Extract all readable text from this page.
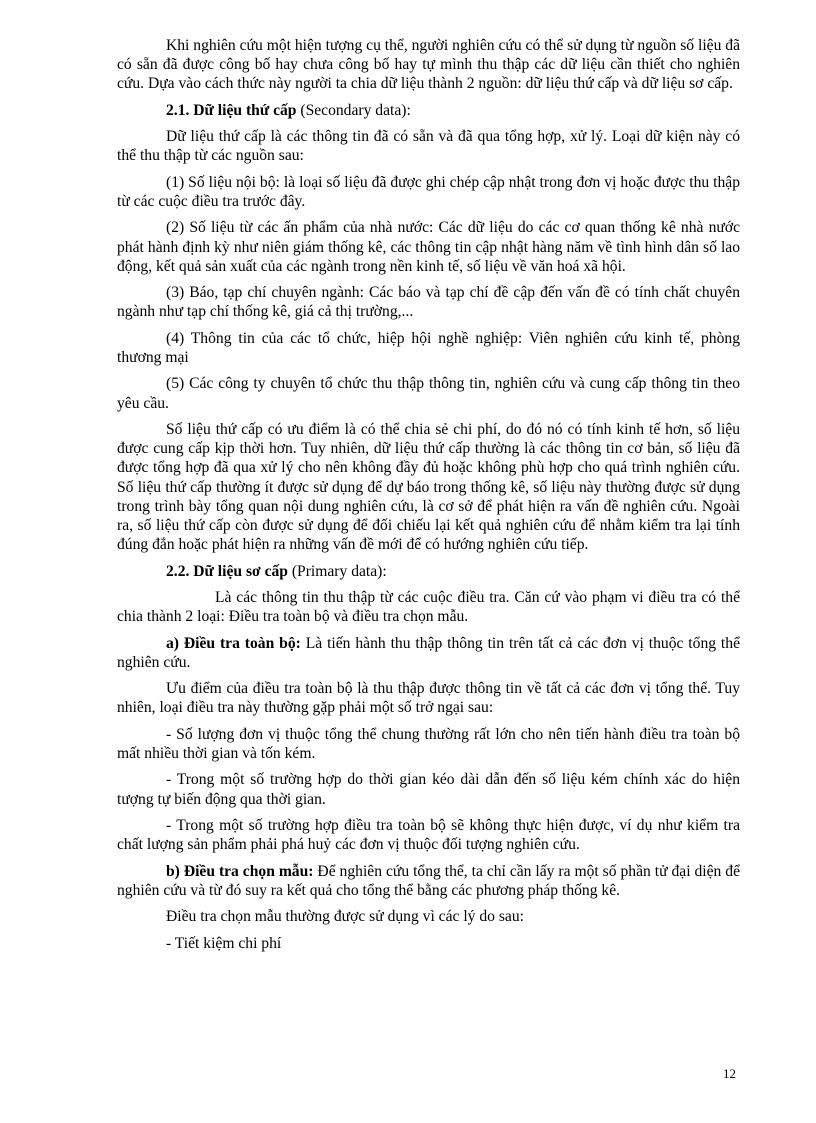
Khi nghiên cứu một hiện tượng cụ thể, người nghiên cứu có thể sử dụng từ nguồn số liệu đã có sẵn đã được công bố hay chưa công bố hay tự mình thu thập các dữ liệu cần thiết cho nghiên cứu. Dựa vào cách thức này người ta chia dữ liệu thành 2 nguồn: dữ liệu thứ cấp và dữ liệu sơ cấp.

2.1. Dữ liệu thứ cấp (Secondary data):

Dữ liệu thứ cấp là các thông tin đã có sẵn và đã qua tổng hợp, xử lý. Loại dữ kiện này có thể thu thập từ các nguồn sau:

(1) Số liệu nội bộ: là loại số liệu đã được ghi chép cập nhật trong đơn vị hoặc được thu thập từ các cuộc điều tra trước đây.

(2) Số liệu từ các ấn phẩm của nhà nước: Các dữ liệu do các cơ quan thống kê nhà nước phát hành định kỳ như niên giám thống kê, các thông tin cập nhật hàng năm về tình hình dân số lao động, kết quả sản xuất của các ngành trong nền kinh tế, số liệu về văn hoá xã hội.

(3) Báo, tạp chí chuyên ngành: Các báo và tạp chí đề cập đến vấn đề có tính chất chuyên ngành như tạp chí thống kê, giá cả thị trường,...

(4) Thông tin của các tổ chức, hiệp hội nghề nghiệp: Viên nghiên cứu kinh tế, phòng thương mại

(5) Các công ty chuyên tổ chức thu thập thông tin, nghiên cứu và cung cấp thông tin theo yêu cầu.

Số liệu thứ cấp có ưu điểm là có thể chia sẻ chi phí, do đó nó có tính kinh tế hơn, số liệu được cung cấp kịp thời hơn. Tuy nhiên, dữ liệu thứ cấp thường là các thông tin cơ bản, số liệu đã được tổng hợp đã qua xử lý cho nên không đầy đủ hoặc không phù hợp cho quá trình nghiên cứu. Số liệu thứ cấp thường ít được sử dụng để dự báo trong thống kê, số liệu này thường được sử dụng trong trình bày tổng quan nội dung nghiên cứu, là cơ sở để phát hiện ra vấn đề nghiên cứu. Ngoài ra, số liệu thứ cấp còn được sử dụng để đối chiếu lại kết quả nghiên cứu để nhằm kiểm tra lại tính đúng đắn hoặc phát hiện ra những vấn đề mới để có hướng nghiên cứu tiếp.

2.2. Dữ liệu sơ cấp (Primary data):

Là các thông tin thu thập từ các cuộc điều tra. Căn cứ vào phạm vi điều tra có thể chia thành 2 loại: Điều tra toàn bộ và điều tra chọn mẫu.

a) Điều tra toàn bộ: Là tiến hành thu thập thông tin trên tất cả các đơn vị thuộc tổng thể nghiên cứu.

Ưu điểm của điều tra toàn bộ là thu thập được thông tin về tất cả các đơn vị tổng thể. Tuy nhiên, loại điều tra này thường gặp phải một số trở ngại sau:

- Số lượng đơn vị thuộc tổng thể chung thường rất lớn cho nên tiến hành điều tra toàn bộ mất nhiều thời gian và tốn kém.

- Trong một số trường hợp do thời gian kéo dài dẫn đến số liệu kém chính xác do hiện tượng tự biến động qua thời gian.

- Trong một số trường hợp điều tra toàn bộ sẽ không thực hiện được, ví dụ như kiểm tra chất lượng sản phẩm phải phá huỷ các đơn vị thuộc đối tượng nghiên cứu.

b) Điều tra chọn mẫu: Để nghiên cứu tổng thể, ta chỉ cần lấy ra một số phần tử đại diện để nghiên cứu và từ đó suy ra kết quả cho tổng thể bằng các phương pháp thống kê.

Điều tra chọn mẫu thường được sử dụng vì các lý do sau:

- Tiết kiệm chi phí

12
